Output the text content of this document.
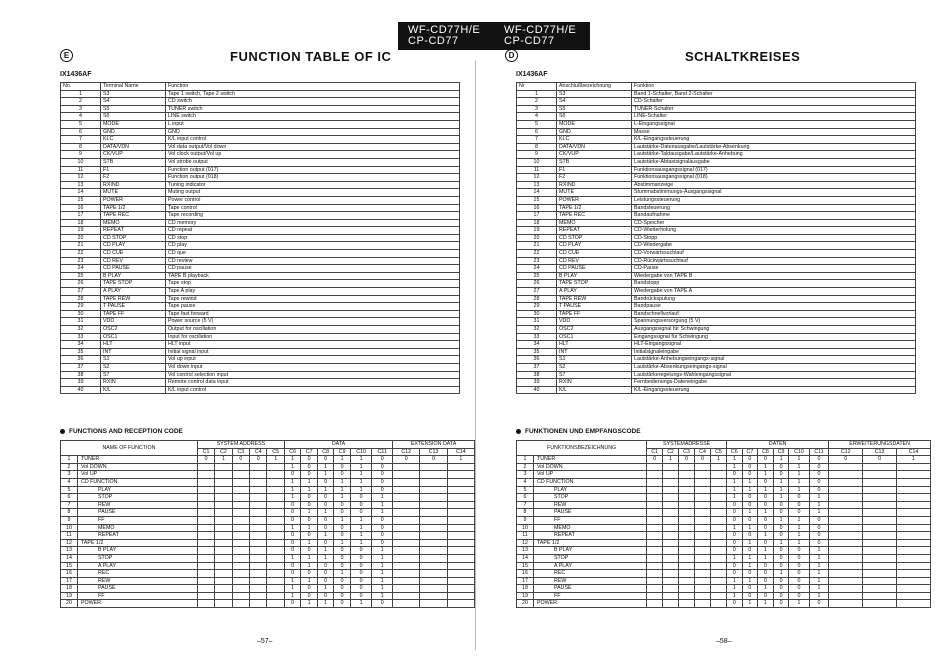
WF-CD77H/E
CP-CD77
WF-CD77H/E
CP-CD77
E	FUNCTION TABLE OF IC
IX1436AF
No.	Terminal Name	Function
1	S3	Tape 1 switch, Tape 2 switch
2	S4	CD switch
3	S5	TUNER switch
4	S6	LINE switch
5	MODE	L input
6	GND	GND
7	KLC	K/L input control
8	DATA/VDN	Vol data output/Vol down
9	CK/VUP	Vol clock output/Vol up
10	STB	Vol strobe output
11	F1	Function output (017)
12	F2	Function output (018)
13	RXIND	Tuning indicator
14	MUTE	Muting output
15	POWER	Power control
16	TAPE 1/2	Tape control
17	TAPE REC	Tape recording
18	MEMO	CD memory
19	REPEAT	CD repeat
20	CD STOP	CD stop
21	CD PLAY	CD play
22	CD CUE	CD que
23	CD REV	CD review
24	CD PAUSE	CD pause
25	B PLAY	TAPE B playback
26	TAPE STOP	Tape stop
27	A PLAY	Tape A play
28	TAPE REW	Tape rewind
29	T PAUSE	Tape pause
30	TAPE FF	Tape fast forward
31	VDD	Power source (5 V)
32	OSC2	Output for oscillation
33	OSC1	Input for oscillation
34	HLT	HLT input
35	INT	Initial signal input
36	S1	Vol up input
37	S2	Vol down input
38	S7	Vol control selection input
39	RXIN	Remote control data input
40	K/L	K/L input control
FUNCTIONS AND RECEPTION CODE
NAME OF FUNCTION		SYSTEM ADDRESS					DATA						EXTENSION DATA		
		C1	C2	C3	C4	C5	C6	C7	C8	C9	C10	C11	C12	C13	C14
1	TUNER	0	1	0	0	1	1	0	0	1	1	0	0	0	1
2	Vol DOWN						1	0	1	0	1	0			
3	Vol UP						0	0	1	0	1	0			
4	CD FUNCTION						1	1	0	1	1	0			
5	PLAY						1	1	1	1	1	0			
6	STOP						1	0	0	1	0	1			
7	REW						0	0	0	0	0	1			
8	PAUSE						0	1	1	0	0	1			
9	FF						0	0	0	1	1	0			
10	MEMO						1	1	0	0	1	0			
11	REPEAT						0	0	1	0	1	0			
12	TAPE 1/2						0	1	0	1	1	0			
13	B PLAY						0	0	1	0	0	1			
14	STOP						1	1	1	0	0	1			
15	A PLAY						0	1	0	0	0	1			
16	REC						0	0	0	1	0	1			
17	REW						1	1	0	0	0	1			
18	PAUSE						1	0	1	0	0	1			
19	FF						1	0	0	0	0	1			
20	POWER						0	1	1	0	1	0			
–57–
D	SCHALTKREISES
IX1436AF
Nr	Anschlußbezeichnung	Funktion
1	S3	Band 1-Schalter, Band 2-Schalter
2	S4	CD-Schalter
3	S5	TUNER-Schalter
4	S6	LINE-Schalter
5	MODE	L-Eingangssignal
6	GND	Masse
7	KLC	K/L-Eingangssteuerung
8	DATA/VDN	Lautstärke-Datenausgabe/Lautstärke-Absenkung
9	CK/VUP	Lautstärke-Taktausgabe/Lautstärke-Anhebung
10	STB	Lautstärke-Abtastsignalausgabe
11	F1	Funktionsausgangssignal (017)
12	F2	Funktionsausgangssignal (018)
13	RXIND	Abstimmanzeige
14	MUTE	Stummabstimmungs-Ausgangssignal
15	POWER	Leistungssteuerung
16	TAPE 1/2	Bandsteuerung
17	TAPE REC	Bandaufnahme
18	MEMO	CD-Speicher
19	REPEAT	CD-Wiederholung
20	CD STOP	CD-Stopp
21	CD PLAY	CD-Wiedergabe
22	CD CUE	CD-Vorwärtssuchlauf
23	CD REV	CD-Rückwärtssuchlauf
24	CD PAUSE	CD-Pause
25	B PLAY	Wiedergabe von TAPE B
26	TAPE STOP	Bandstopp
27	A PLAY	Wiedergabe von TAPE A
28	TAPE REW	Bandrückspulung
29	T PAUSE	Bandpause
30	TAPE FF	Bandschnellvorlauf
31	VDD	Spannungsversorgung (5 V)
32	OSC2	Ausgangssignal für Schwingung
33	OSC1	Eingangssignal für Schwingung
34	HLT	HLT-Eingangssignal
35	INT	Initialsignaleingabe
36	S1	Lautstärke-Anhebungseingangs-signal
37	S2	Lautstärke-Absenkungseingangs-signal
38	S7	Lautstärkeregelungs-Wahleingangssignal
39	RXIN	Fernbedienungs-Dateneingabe
40	K/L	K/L-Eingangssteuerung
FUNKTIONEN UND EMPFANGSCODE
FUNKTIONSBEZEICHNUNG		SYSTEMADRESSE					DATEN						ERWEITERUNGSDATEN		
		C1	C2	C3	C4	C5	C6	C7	C8	C9	C10	C11	C12	C13	C14
1	TUNER	0	1	0	0	1	1	0	0	1	1	0	0	0	1
2	Vol DOWN						1	0	1	0	1	0			
3	Vol UP						0	0	1	0	1	0			
4	CD FUNCTION						1	1	0	1	1	0			
5	PLAY						1	1	1	1	1	0			
6	STOP						1	0	0	1	0	1			
7	REW						0	0	0	0	0	1			
8	PAUSE						0	1	1	0	0	1			
9	FF						0	0	0	1	1	0			
10	MEMO						1	1	0	0	1	0			
11	REPEAT						0	0	1	0	1	0			
12	TAPE 1/2						0	1	0	1	1	0			
13	B PLAY						0	0	1	0	0	1			
14	STOP						1	1	1	0	0	1			
15	A PLAY						0	1	0	0	0	1			
16	REC						0	0	0	1	0	1			
17	REW						1	1	0	0	0	1			
18	PAUSE						1	0	1	0	0	1			
19	FF						1	0	0	0	0	1			
20	POWER						0	1	1	0	1	0			
–58–
